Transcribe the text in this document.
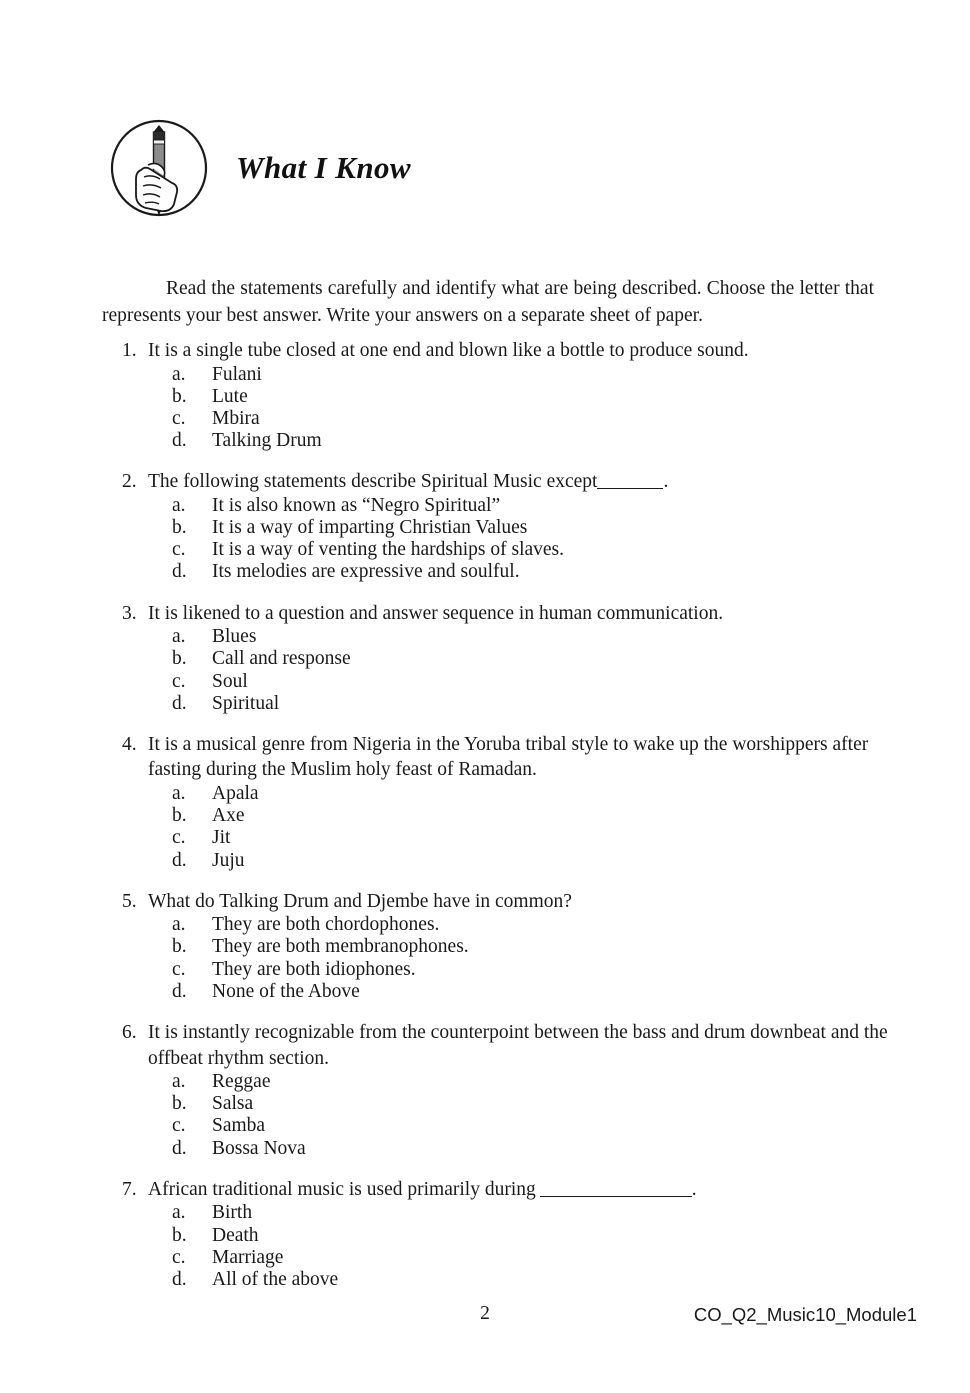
What I Know

Read the statements carefully and identify what are being described. Choose the letter that represents your best answer. Write your answers on a separate sheet of paper.

1. It is a single tube closed at one end and blown like a bottle to produce sound.
a. Fulani
b. Lute
c. Mbira
d. Talking Drum
2. The following statements describe Spiritual Music except	.
a. It is also known as “Negro Spiritual”
b. It is a way of imparting Christian Values
c. It is a way of venting the hardships of slaves.
d. Its melodies are expressive and soulful.
3. It is likened to a question and answer sequence in human communication.
a. Blues
b. Call and response
c. Soul
d. Spiritual
4. It is a musical genre from Nigeria in the Yoruba tribal style to wake up the worshippers after fasting during the Muslim holy feast of Ramadan.
a. Apala
b. Axe
c. Jit
d. Juju
5. What do Talking Drum and Djembe have in common?
a. They are both chordophones.
b. They are both membranophones.
c. They are both idiophones.
d. None of the Above
6. It is instantly recognizable from the counterpoint between the bass and drum downbeat and the offbeat rhythm section.
a. Reggae
b. Salsa
c. Samba
d. Bossa Nova
7. African traditional music is used primarily during	.
a. Birth
b. Death
c. Marriage
d. All of the above
2	CO_Q2_Music10_Module1
